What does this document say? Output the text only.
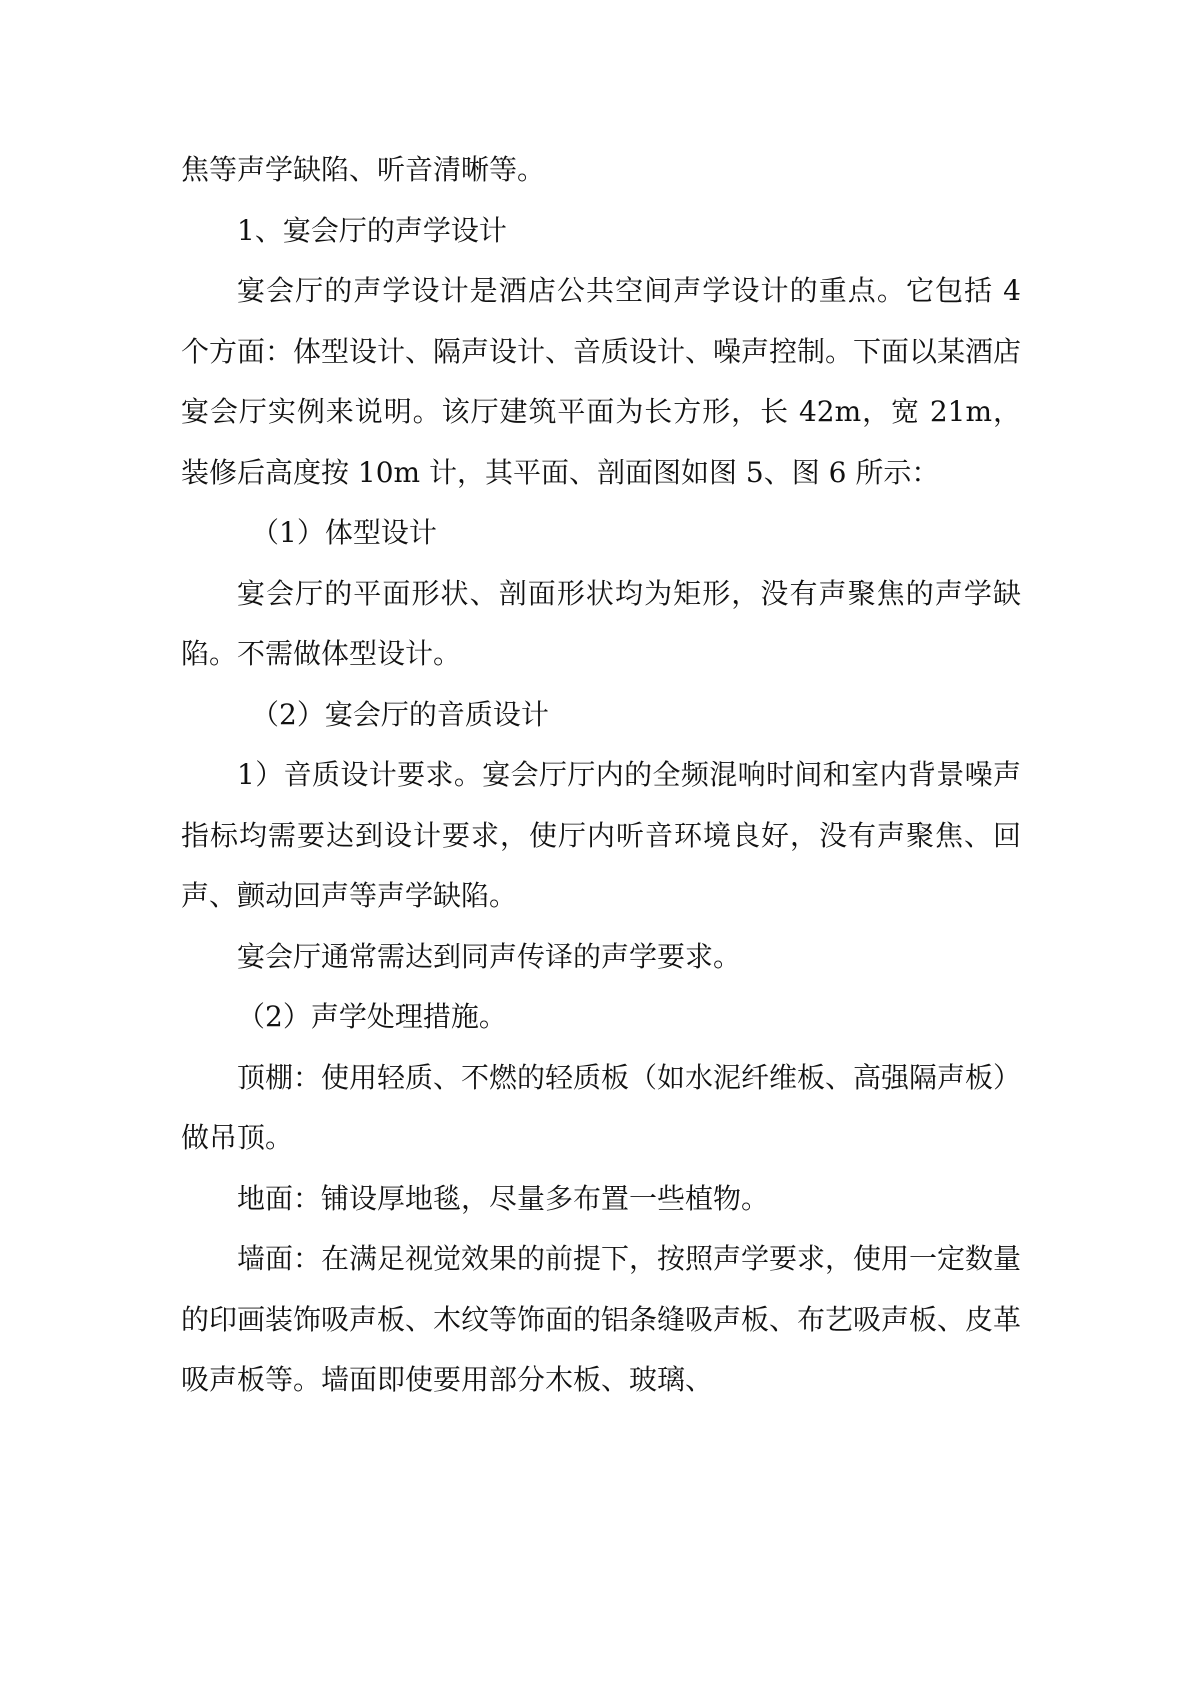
焦等声学缺陷、听音清晰等。

1、宴会厅的声学设计

宴会厅的声学设计是酒店公共空间声学设计的重点。它包括 4 个方面：体型设计、隔声设计、音质设计、噪声控制。下面以某酒店宴会厅实例来说明。该厅建筑平面为长方形，长 42m，宽 21m，装修后高度按 10m 计，其平面、剖面图如图 5、图 6 所示：

（1）体型设计

宴会厅的平面形状、剖面形状均为矩形，没有声聚焦的声学缺陷。不需做体型设计。

（2）宴会厅的音质设计

1）音质设计要求。宴会厅厅内的全频混响时间和室内背景噪声指标均需要达到设计要求，使厅内听音环境良好，没有声聚焦、回声、颤动回声等声学缺陷。

宴会厅通常需达到同声传译的声学要求。

（2）声学处理措施。

顶棚：使用轻质、不燃的轻质板（如水泥纤维板、高强隔声板）做吊顶。

地面：铺设厚地毯，尽量多布置一些植物。

墙面：在满足视觉效果的前提下，按照声学要求，使用一定数量的印画装饰吸声板、木纹等饰面的铝条缝吸声板、布艺吸声板、皮革吸声板等。墙面即使要用部分木板、玻璃、
